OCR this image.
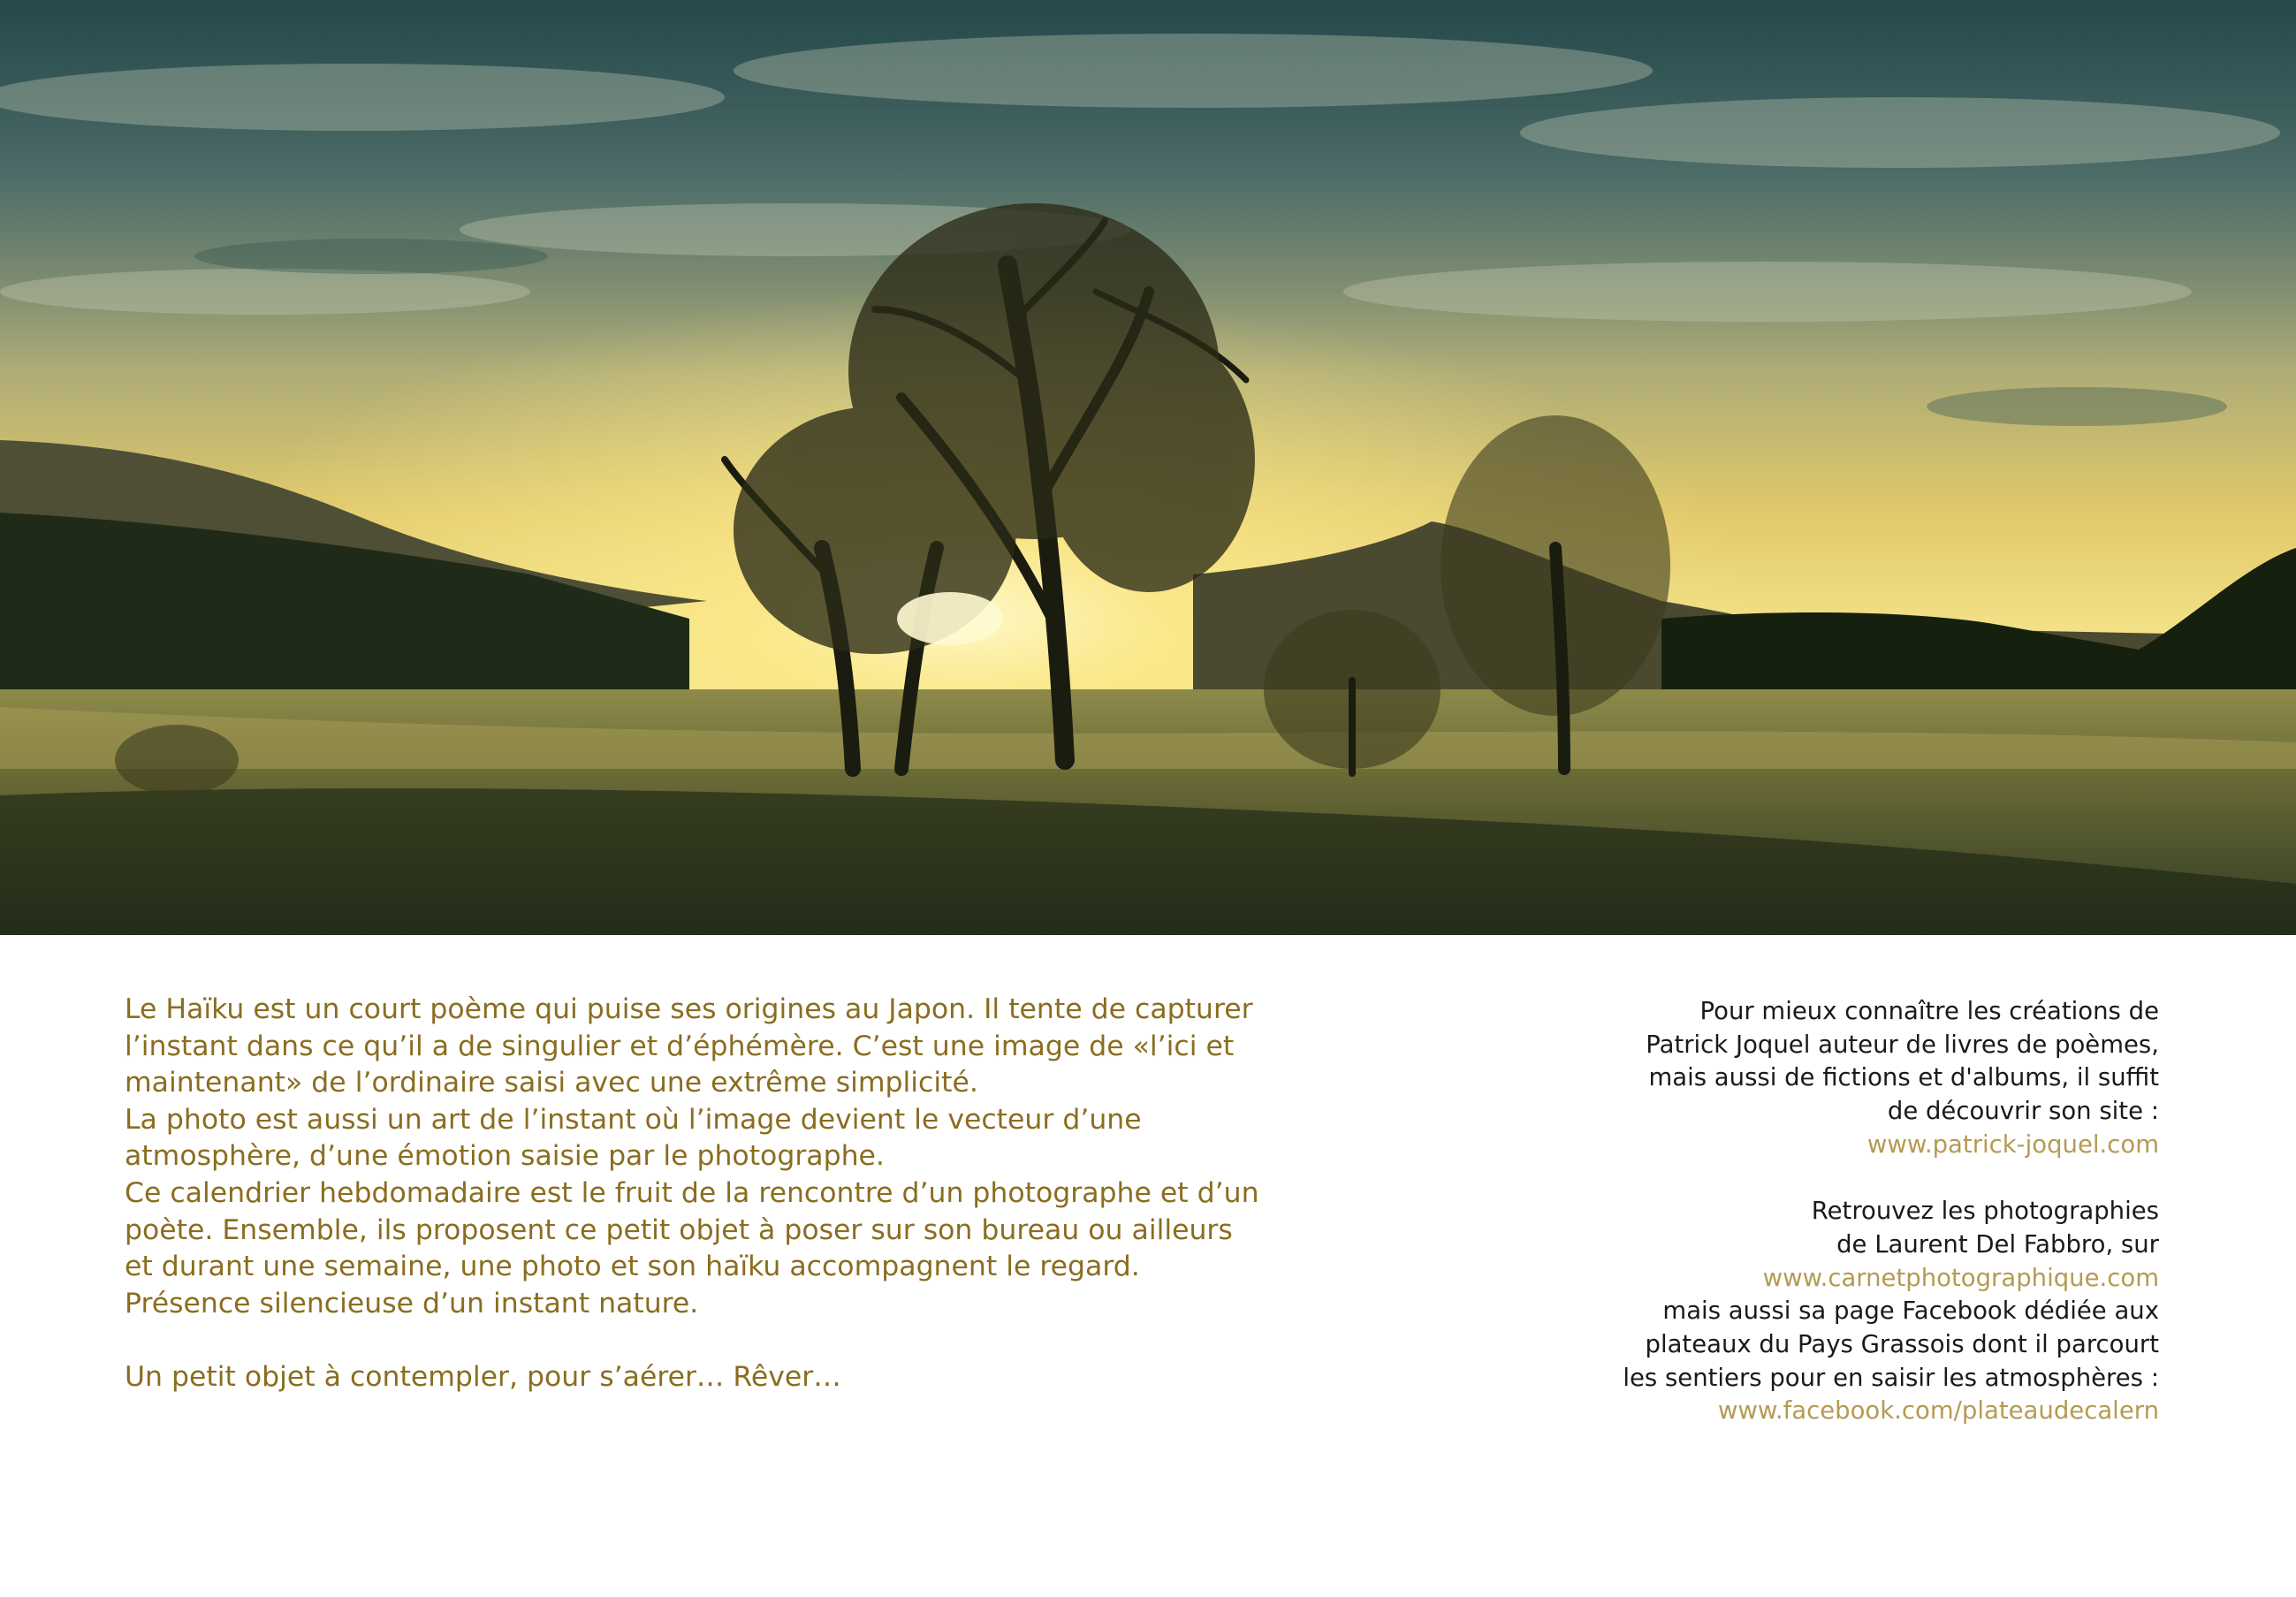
Le Haïku est un court poème qui puise ses origines au Japon. Il tente de capturer

l’instant dans ce qu’il a de singulier et d’éphémère. C’est une image de «l’ici et

maintenant» de l’ordinaire saisi avec une extrême simplicité.

La photo est aussi un art de l’instant où l’image devient le vecteur d’une

atmosphère, d’une émotion saisie par le photographe.

Ce calendrier hebdomadaire est le fruit de la rencontre d’un photographe et d’un

poète. Ensemble, ils proposent ce petit objet à poser sur son bureau ou ailleurs

et durant une semaine, une photo et son haïku accompagnent le regard.

Présence silencieuse d’un instant nature.

Un petit objet à contempler, pour s’aérer… Rêver…

Pour mieux connaître les créations de

Patrick Joquel auteur de livres de poèmes,

mais aussi de fictions et d'albums, il suffit

de découvrir son site :

www.patrick-joquel.com

Retrouvez les photographies

de Laurent Del Fabbro, sur

www.carnetphotographique.com

mais aussi sa page Facebook dédiée aux

plateaux du Pays Grassois dont il parcourt

les sentiers pour en saisir les atmosphères :

www.facebook.com/plateaudecalern
